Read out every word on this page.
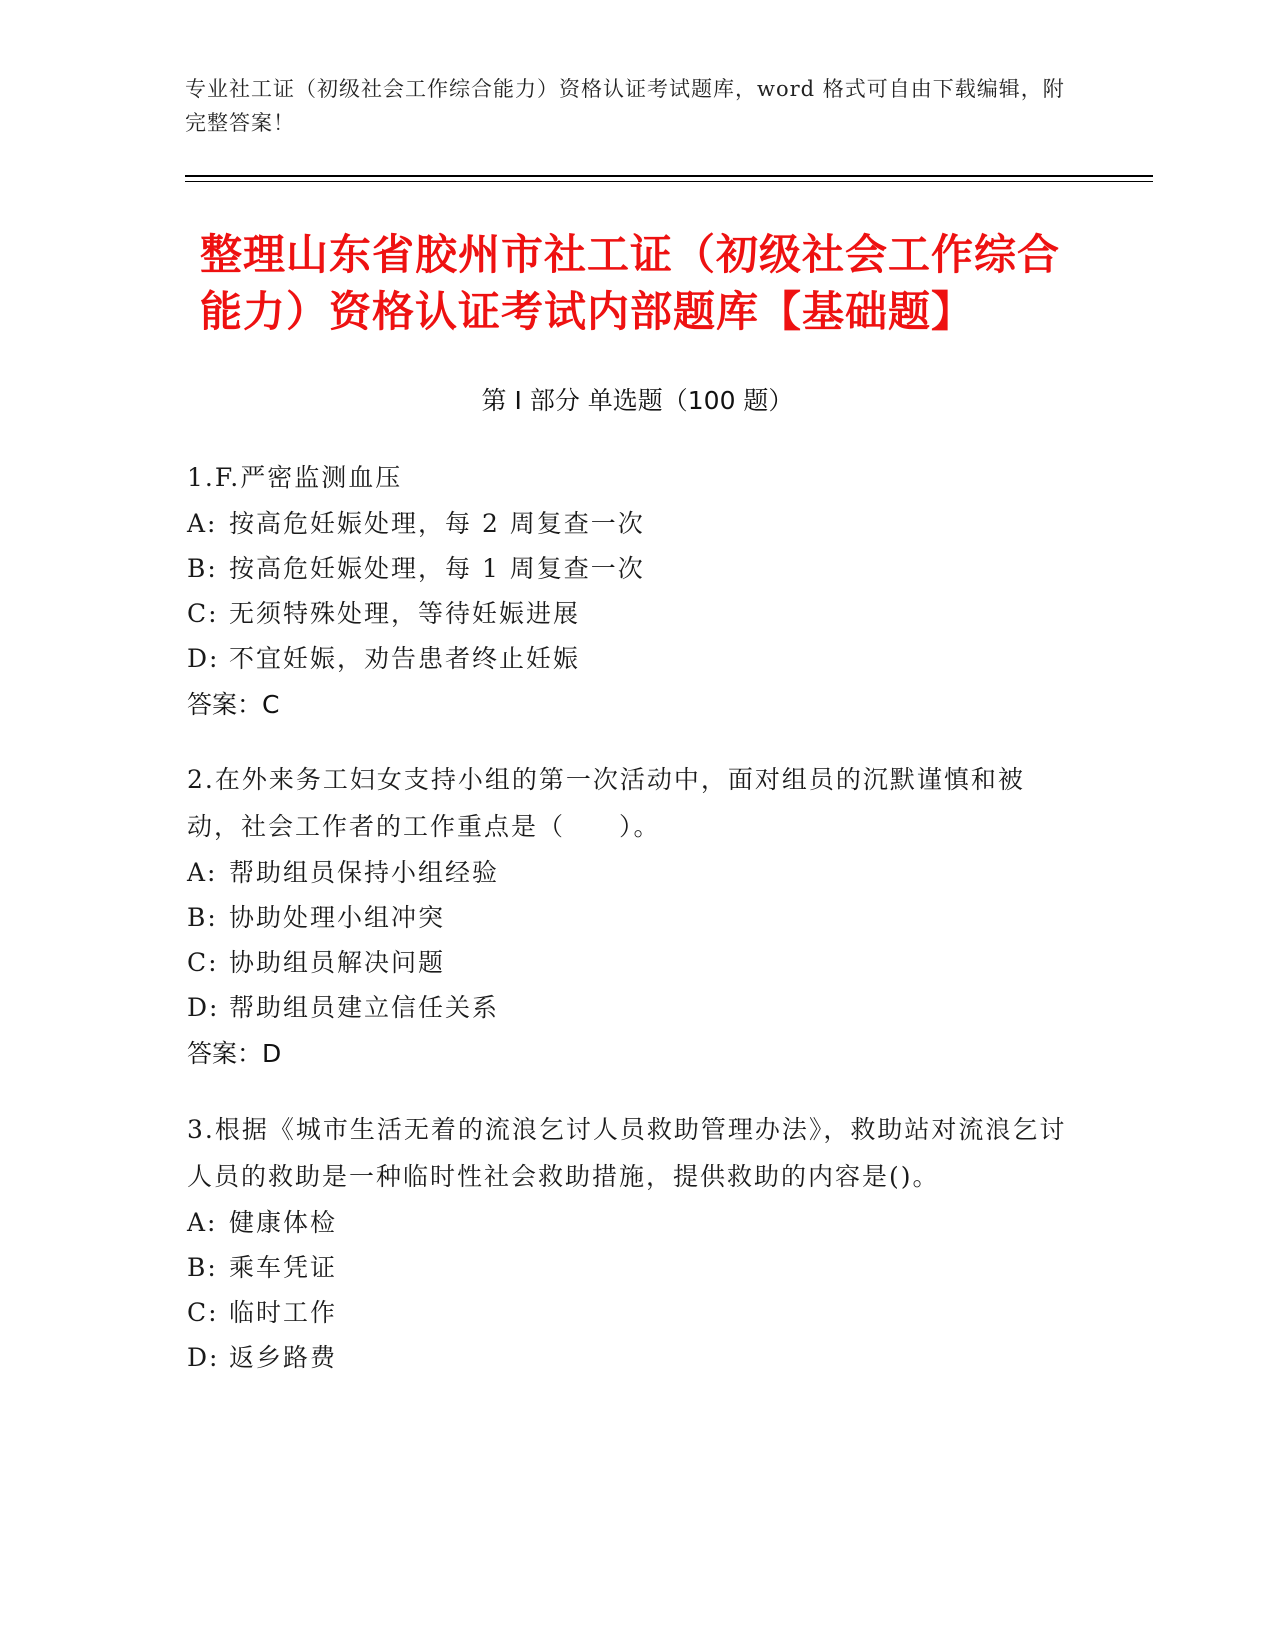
专业社工证（初级社会工作综合能力）资格认证考试题库，word 格式可自由下载编辑，附完整答案！
整理山东省胶州市社工证（初级社会工作综合能力）资格认证考试内部题库【基础题】
第 I 部分 单选题（100 题）
1.F.严密监测血压
A: 按高危妊娠处理，每 2 周复查一次
B: 按高危妊娠处理，每 1 周复查一次
C: 无须特殊处理，等待妊娠进展
D: 不宜妊娠，劝告患者终止妊娠
答案：C
2.在外来务工妇女支持小组的第一次活动中，面对组员的沉默谨慎和被动，社会工作者的工作重点是（　　）。
A: 帮助组员保持小组经验
B: 协助处理小组冲突
C: 协助组员解决问题
D: 帮助组员建立信任关系
答案：D
3.根据《城市生活无着的流浪乞讨人员救助管理办法》，救助站对流浪乞讨人员的救助是一种临时性社会救助措施，提供救助的内容是()。
A: 健康体检
B: 乘车凭证
C: 临时工作
D: 返乡路费
